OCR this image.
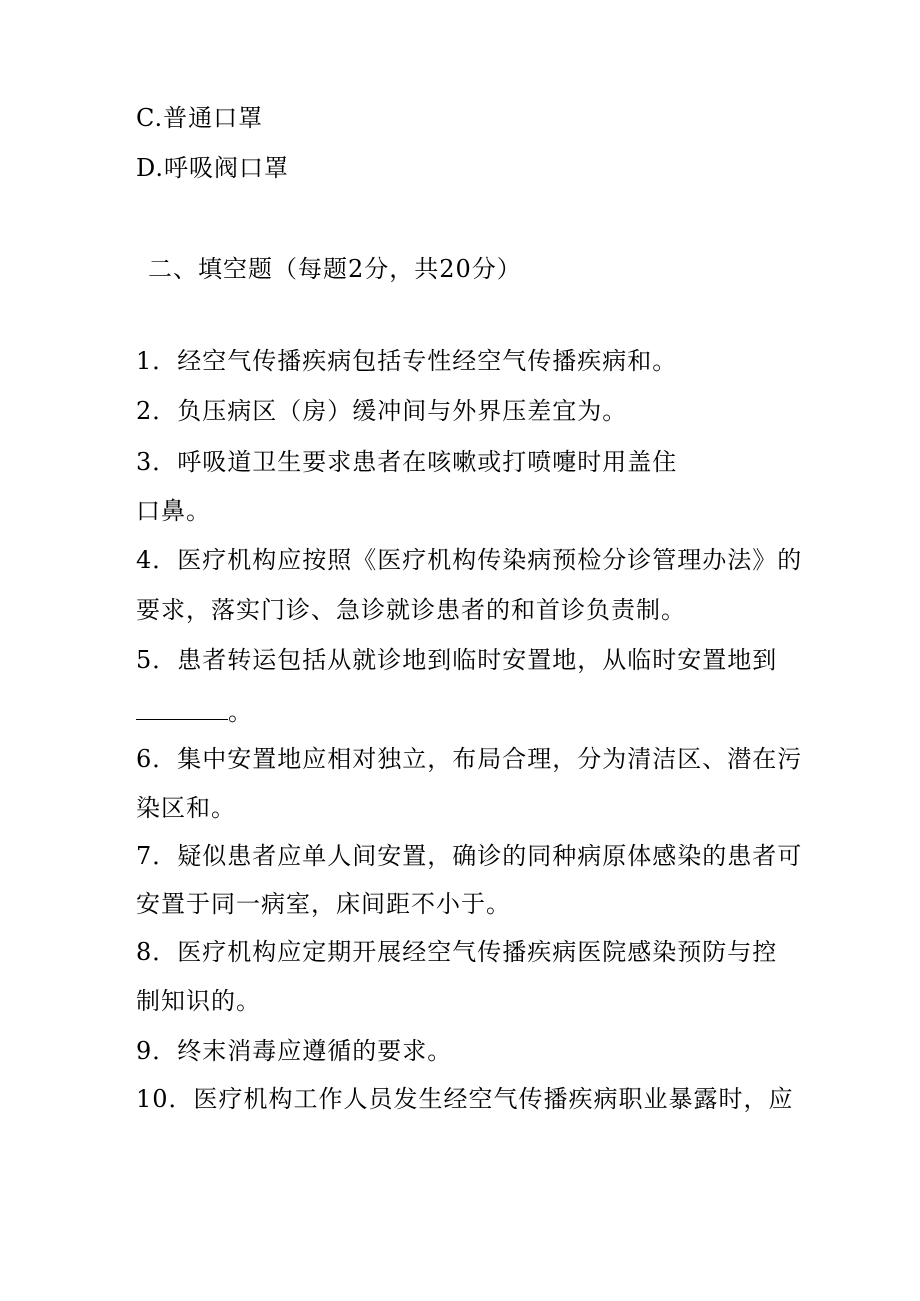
C.普通口罩
D.呼吸阀口罩
二、填空题（每题2分，共20分）
1．经空气传播疾病包括专性经空气传播疾病和。
2．负压病区（房）缓冲间与外界压差宜为。
3．呼吸道卫生要求患者在咳嗽或打喷嚏时用盖住
口鼻。
4．医疗机构应按照《医疗机构传染病预检分诊管理办法》的
要求，落实门诊、急诊就诊患者的和首诊负责制。
5．患者转运包括从就诊地到临时安置地，从临时安置地到
。
6．集中安置地应相对独立，布局合理，分为清洁区、潜在污
染区和。
7．疑似患者应单人间安置，确诊的同种病原体感染的患者可
安置于同一病室，床间距不小于。
8．医疗机构应定期开展经空气传播疾病医院感染预防与控
制知识的。
9．终末消毒应遵循的要求。
10．医疗机构工作人员发生经空气传播疾病职业暴露时，应
